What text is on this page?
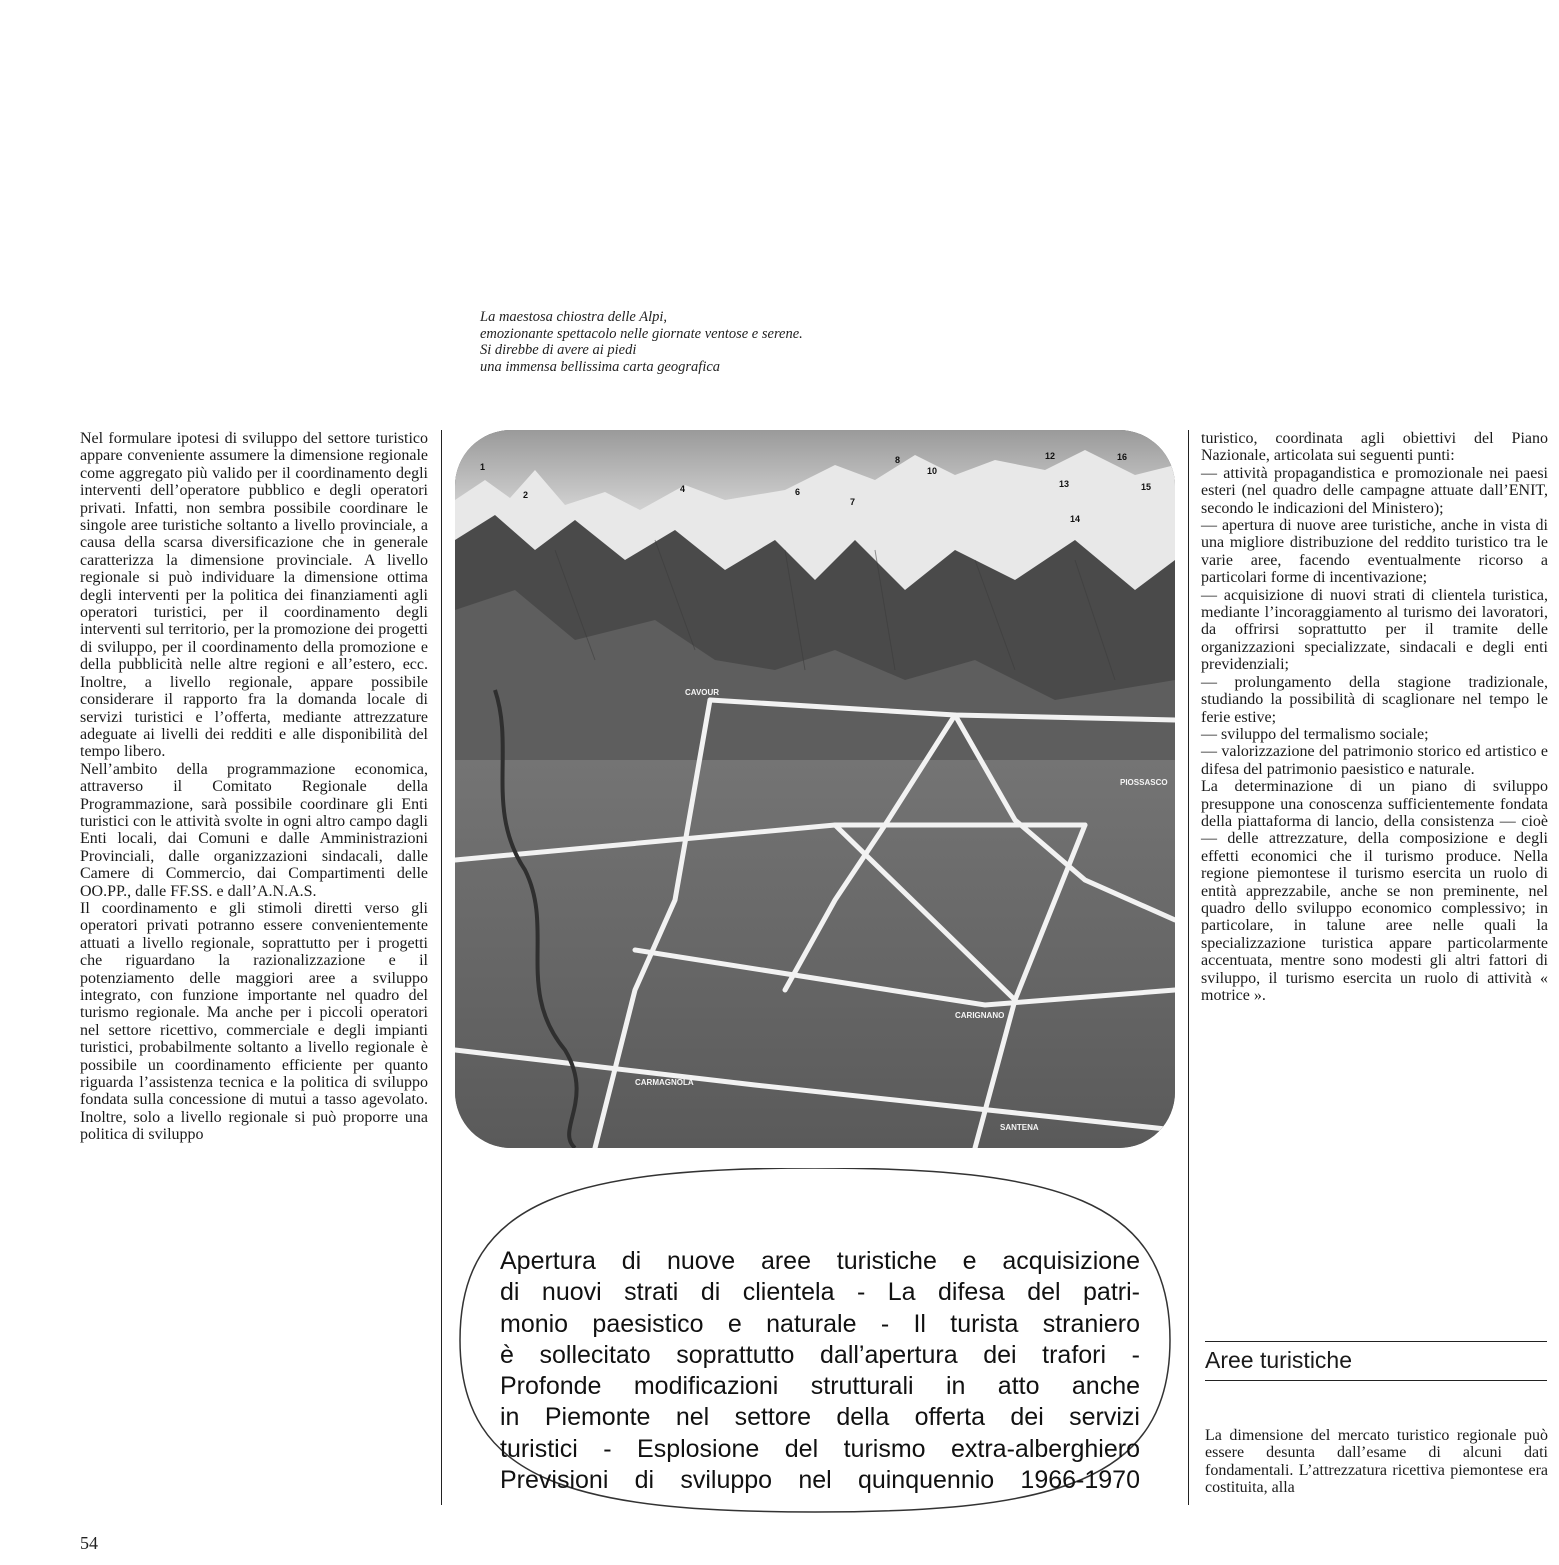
La maestosa chiostra delle Alpi,
emozionante spettacolo nelle giornate ventose e serene.
Si direbbe di avere ai piedi
una immensa bellissima carta geografica

Nel formulare ipotesi di sviluppo del settore turistico appare conveniente assumere la dimensione regionale come aggregato più valido per il coordinamento degli interventi dell’operatore pubblico e degli operatori privati. Infatti, non sembra possibile coordinare le singole aree turistiche soltanto a livello provinciale, a causa della scarsa diversificazione che in generale caratterizza la dimensione provinciale. A livello regionale si può individuare la dimensione ottima degli interventi per la politica dei finanziamenti agli operatori turistici, per il coordinamento degli interventi sul territorio, per la promozione dei progetti di sviluppo, per il coordinamento della promozione e della pubblicità nelle altre regioni e all’estero, ecc. Inoltre, a livello regionale, appare possibile considerare il rapporto fra la domanda locale di servizi turistici e l’offerta, mediante attrezzature adeguate ai livelli dei redditi e alle disponibilità del tempo libero.

Nell’ambito della programmazione economica, attraverso il Comitato Regionale della Programmazione, sarà possibile coordinare gli Enti turistici con le attività svolte in ogni altro campo dagli Enti locali, dai Comuni e dalle Amministrazioni Provinciali, dalle organizzazioni sindacali, dalle Camere di Commercio, dai Compartimenti delle OO.PP., dalle FF.SS. e dall’A.N.A.S.

Il coordinamento e gli stimoli diretti verso gli operatori privati potranno essere convenientemente attuati a livello regionale, soprattutto per i progetti che riguardano la razionalizzazione e il potenziamento delle maggiori aree a sviluppo integrato, con funzione importante nel quadro del turismo regionale. Ma anche per i piccoli operatori nel settore ricettivo, commerciale e degli impianti turistici, probabilmente soltanto a livello regionale è possibile un coordinamento efficiente per quanto riguarda l’assistenza tecnica e la politica di sviluppo fondata sulla concessione di mutui a tasso agevolato. Inoltre, solo a livello regionale si può proporre una politica di sviluppo

CAVOUR
CARMAGNOLA
CARIGNANO
SANTENA
PIOSSASCO
1
2
4	6
7
8
10
12
13
14
15
16
Apertura di nuove aree turistiche e acquisizione
di nuovi strati di clientela - La difesa del patri-
monio paesistico e naturale - Il turista straniero
è sollecitato soprattutto dall’apertura dei trafori -
Profonde modificazioni strutturali in atto anche
in Piemonte nel settore della offerta dei servizi
turistici - Esplosione del turismo extra-alberghiero
Previsioni di sviluppo nel quinquennio 1966-1970

turistico, coordinata agli obiettivi del Piano Nazionale, articolata sui seguenti punti:

— attività propagandistica e promozionale nei paesi esteri (nel quadro delle campagne attuate dall’ENIT, secondo le indicazioni del Ministero);

— apertura di nuove aree turistiche, anche in vista di una migliore distribuzione del reddito turistico tra le varie aree, facendo eventualmente ricorso a particolari forme di incentivazione;

— acquisizione di nuovi strati di clientela turistica, mediante l’incoraggiamento al turismo dei lavoratori, da offrirsi soprattutto per il tramite delle organizzazioni specializzate, sindacali e degli enti previdenziali;

— prolungamento della stagione tradizionale, studiando la possibilità di scaglionare nel tempo le ferie estive;

— sviluppo del termalismo sociale;

— valorizzazione del patrimonio storico ed artistico e difesa del patrimonio paesistico e naturale.

La determinazione di un piano di sviluppo presuppone una conoscenza sufficientemente fondata della piattaforma di lancio, della consistenza — cioè — delle attrezzature, della composizione e degli effetti economici che il turismo produce. Nella regione piemontese il turismo esercita un ruolo di entità apprezzabile, anche se non preminente, nel quadro dello sviluppo economico complessivo; in particolare, in talune aree nelle quali la specializzazione turistica appare particolarmente accentuata, mentre sono modesti gli altri fattori di sviluppo, il turismo esercita un ruolo di attività « motrice ».

Aree turistiche
La dimensione del mercato turistico regionale può essere desunta dall’esame di alcuni dati fondamentali. L’attrezzatura ricettiva piemontese era costituita, alla
54
